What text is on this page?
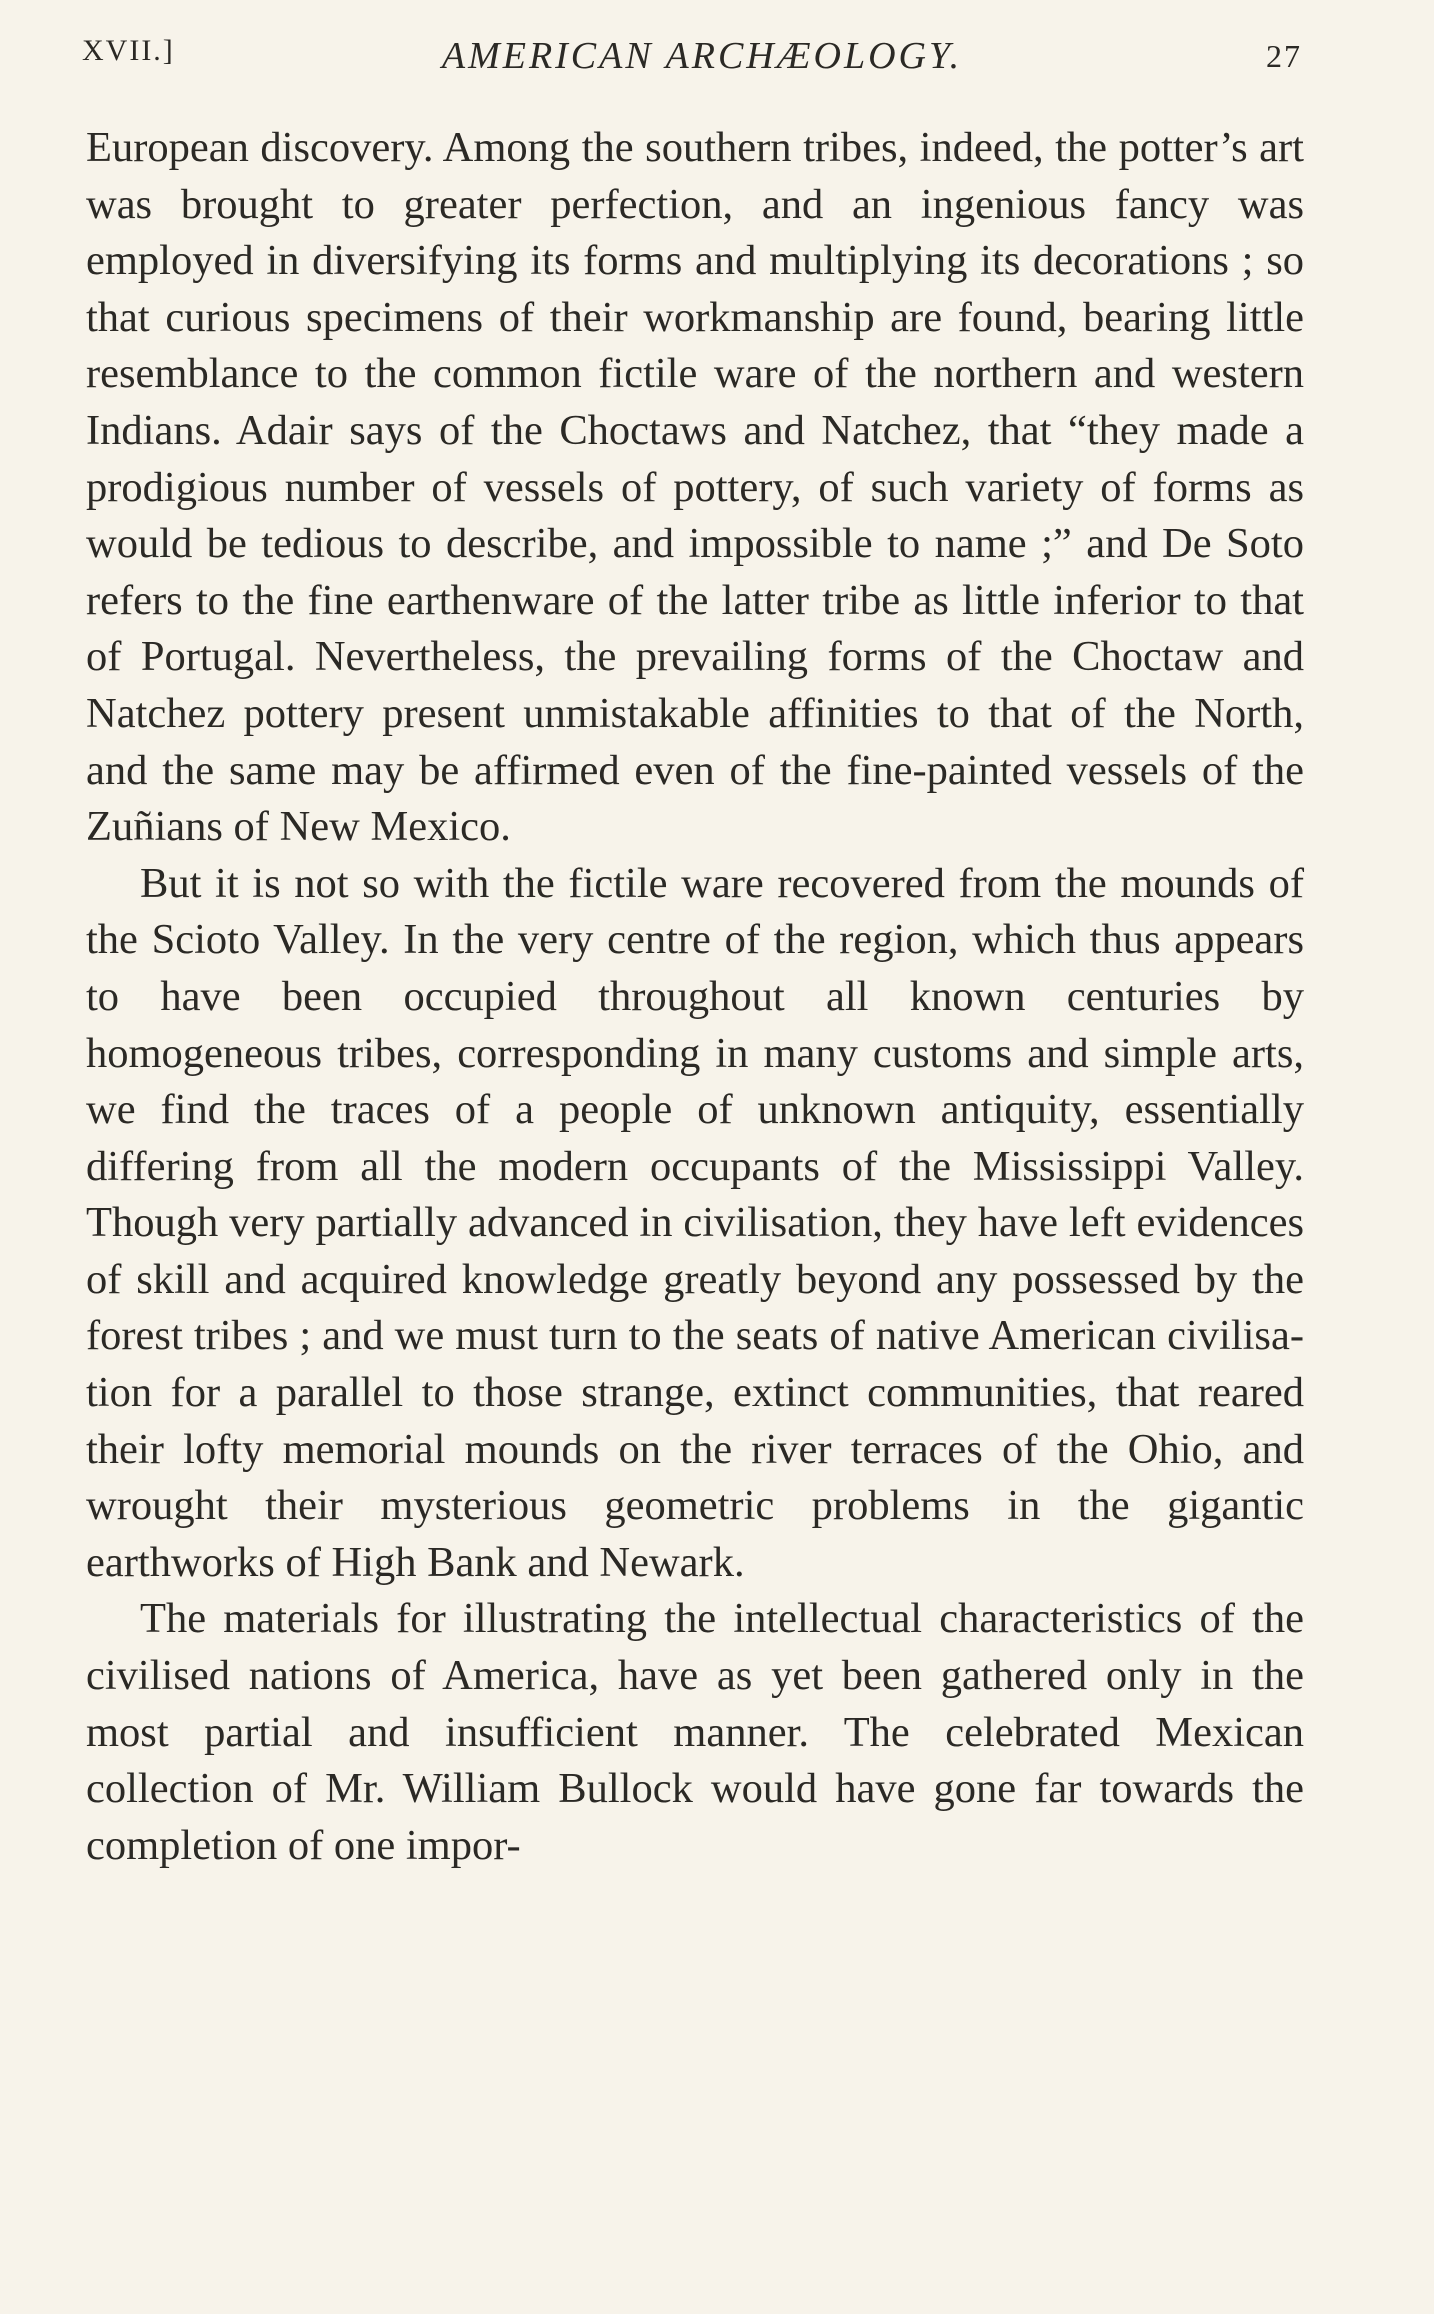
XVII.]	AMERICAN ARCHÆOLOGY.	27

European discovery. Among the southern tribes, indeed, the potter’s art was brought to greater perfection, and an ingenious fancy was employed in diversifying its forms and multiplying its decorations ; so that curious specimens of their workmanship are found, bearing little resemblance to the common fictile ware of the northern and western Indians. Adair says of the Choctaws and Natchez, that “they made a prodigious number of vessels of pottery, of such variety of forms as would be tedious to describe, and impossible to name ;” and De Soto refers to the fine earthenware of the latter tribe as little inferior to that of Portugal. Nevertheless, the prevailing forms of the Choctaw and Natchez pottery present unmistakable affinities to that of the North, and the same may be affirmed even of the fine-painted vessels of the Zuñians of New Mexico.

But it is not so with the fictile ware recovered from the mounds of the Scioto Valley. In the very centre of the region, which thus appears to have been occupied throughout all known centuries by homogeneous tribes, corresponding in many customs and simple arts, we find the traces of a people of unknown antiquity, essentially differing from all the modern occupants of the Mississippi Valley. Though very partially advanced in civilisation, they have left evidences of skill and acquired knowledge greatly beyond any possessed by the forest tribes ; and we must turn to the seats of native American civilisation for a parallel to those strange, extinct communities, that reared their lofty memorial mounds on the river terraces of the Ohio, and wrought their mysterious geometric problems in the gigantic earthworks of High Bank and Newark.

The materials for illustrating the intellectual characteristics of the civilised nations of America, have as yet been gathered only in the most partial and insufficient manner. The celebrated Mexican collection of Mr. William Bullock would have gone far towards the completion of one impor-
